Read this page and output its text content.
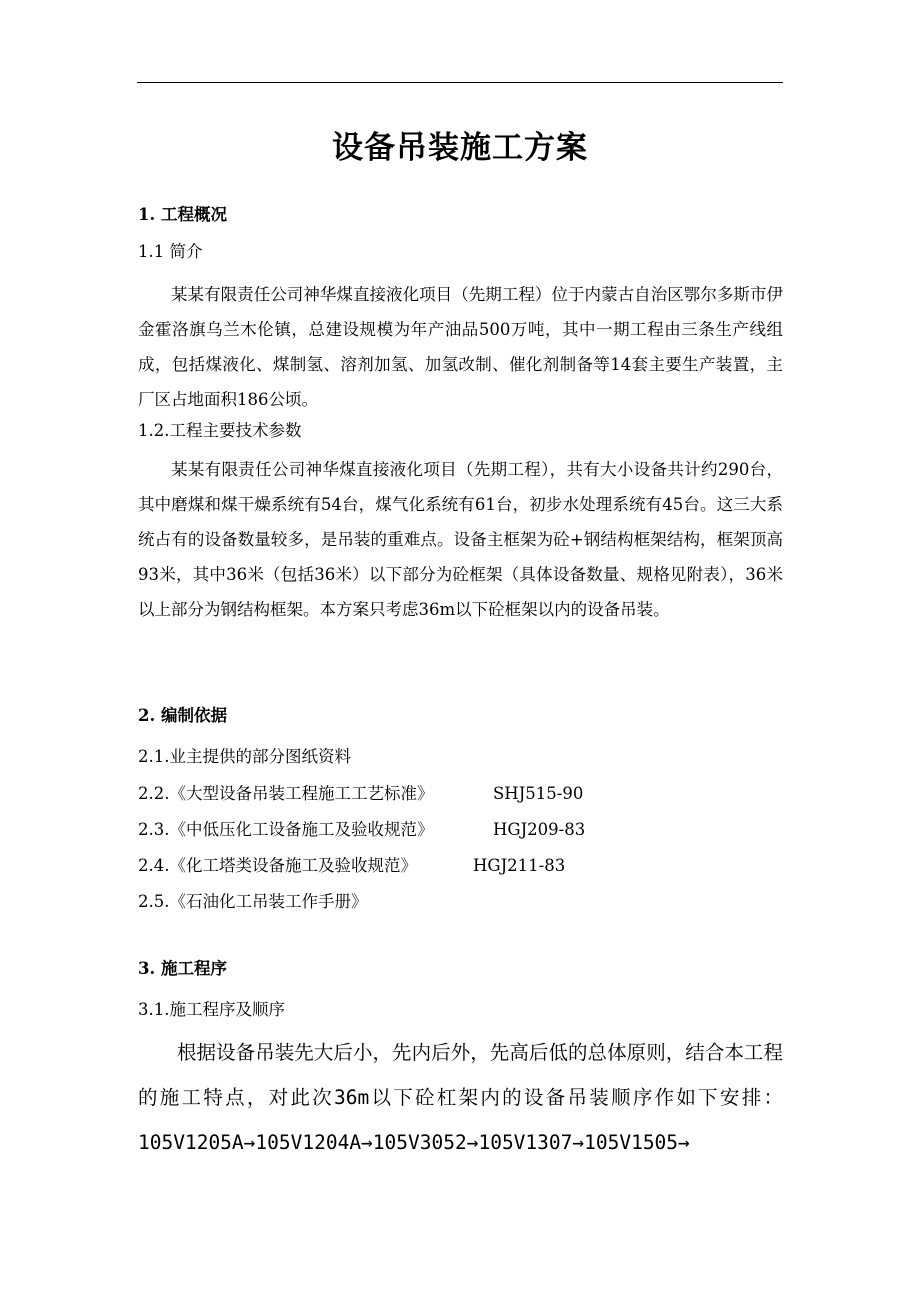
设备吊装施工方案
1. 工程概况
1.1 简介

某某有限责任公司神华煤直接液化项目（先期工程）位于内蒙古自治区鄂尔多斯市伊金霍洛旗乌兰木伦镇，总建设规模为年产油品500万吨，其中一期工程由三条生产线组成，包括煤液化、煤制氢、溶剂加氢、加氢改制、催化剂制备等14套主要生产装置，主厂区占地面积186公顷。

1.2.工程主要技术参数

某某有限责任公司神华煤直接液化项目（先期工程），共有大小设备共计约290台，其中磨煤和煤干燥系统有54台，煤气化系统有61台，初步水处理系统有45台。这三大系统占有的设备数量较多，是吊装的重难点。设备主框架为砼+钢结构框架结构，框架顶高93米，其中36米（包括36米）以下部分为砼框架（具体设备数量、规格见附表），36米以上部分为钢结构框架。本方案只考虑36m以下砼框架以内的设备吊装。

2. 编制依据
2.1.业主提供的部分图纸资料
2.2.《大型设备吊装工程施工工艺标准》	SHJ515-90
2.3.《中低压化工设备施工及验收规范》	HGJ209-83
2.4.《化工塔类设备施工及验收规范》	HGJ211-83
2.5.《石油化工吊装工作手册》
3. 施工程序
3.1.施工程序及顺序

根据设备吊装先大后小，先内后外，先高后低的总体原则，结合本工程的施工特点，对此次36m以下砼杠架内的设备吊装顺序作如下安排：105V1205A→105V1204A→105V3052→105V1307→105V1505→
